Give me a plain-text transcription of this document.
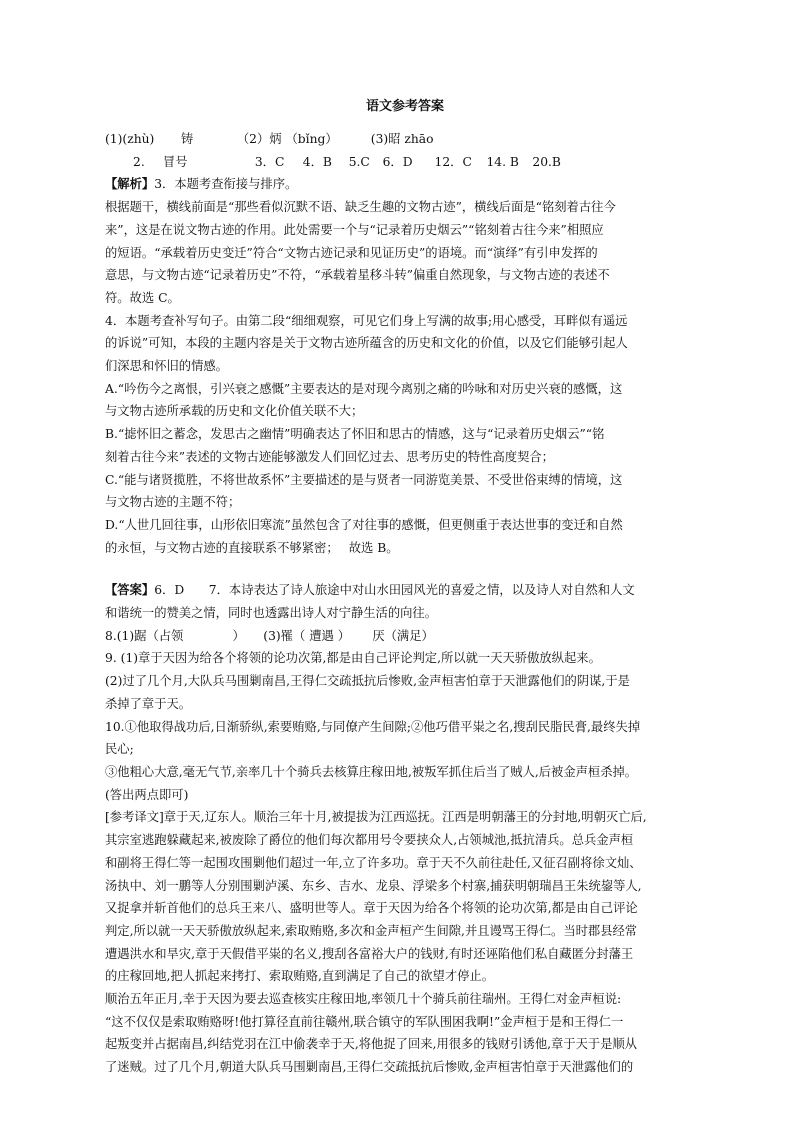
语文参考答案
(1)(zhù) 铸	（2）炳 （bǐng）	(3)昭 zhāo
2. 冒号	3．C 4．B 5.C 6．D 12．C 14. B 20.B
【解析】3．本题考查衔接与排序。
根据题干，横线前面是“那些看似沉默不语、缺乏生趣的文物古迹”，横线后面是“铭刻着古往今
来”，这是在说文物古迹的作用。此处需要一个与“记录着历史烟云”“铭刻着古往今来”相照应
的短语。“承载着历史变迁”符合“文物古迹记录和见证历史”的语境。而“演绎”有引申发挥的
意思，与文物古迹“记录着历史”不符，“承载着星移斗转”偏重自然现象，与文物古迹的表述不
符。故选 C。
4．本题考查补写句子。由第二段“细细观察，可见它们身上写满的故事;用心感受，耳畔似有遥远
的诉说”可知，本段的主题内容是关于文物古迹所蕴含的历史和文化的价值，以及它们能够引起人
们深思和怀旧的情感。
A.“吟伤今之离恨，引兴衰之感慨”主要表达的是对现今离别之痛的吟咏和对历史兴衰的感慨，这
与文物古迹所承载的历史和文化价值关联不大；
B.“摅怀旧之蓄念，发思古之幽情”明确表达了怀旧和思古的情感，这与“记录着历史烟云”“铭
刻着古往今来”表述的文物古迹能够激发人们回忆过去、思考历史的特性高度契合；
C.“能与诸贤揽胜，不将世故系怀”主要描述的是与贤者一同游览美景、不受世俗束缚的情境，这
与文物古迹的主题不符；
D.“人世几回往事，山形依旧寒流”虽然包含了对往事的感慨，但更侧重于表达世事的变迁和自然
的永恒，与文物古迹的直接联系不够紧密；　 故选 B。
【答案】6．D　　7．本诗表达了诗人旅途中对山水田园风光的喜爱之情，以及诗人对自然和人文
和谐统一的赞美之情，同时也透露出诗人对宁静生活的向往。
8.(1)踞（占领　　　　）　　(3)罹（ 遭遇 ）　　 厌（满足）
9. (1)章于天因为给各个将领的论功次第,都是由自己评论判定,所以就一天天骄傲放纵起来。
(2)过了几个月,大队兵马围剿南昌,王得仁交疏抵抗后惨败,金声桓害怕章于天泄露他们的阴谋,于是
杀掉了章于天。
10.①他取得战功后,日渐骄纵,索要贿赂,与同僚产生间隙;②他巧借平粜之名,搜刮民脂民膏,最终失掉
民心;
③他粗心大意,毫无气节,亲率几十个骑兵去核算庄稼田地,被叛军抓住后当了贼人,后被金声桓杀掉。
(答出两点即可)
[参考译文]章于天,辽东人。顺治三年十月,被提拔为江西巡抚。江西是明朝藩王的分封地,明朝灭亡后,
其宗室逃跑躲藏起来,被废除了爵位的他们每次都用号令要挟众人,占领城池,抵抗清兵。总兵金声桓
和副将王得仁等一起围攻围剿他们超过一年,立了许多功。章于天不久前往赴任,又征召副将徐文灿、
汤执中、刘一鹏等人分别围剿泸溪、东乡、吉水、龙泉、浮梁多个村寨,捕获明朝瑞昌王朱统鋆等人,
又捉拿并斩首他们的总兵王来八、盛明世等人。章于天因为给各个将领的论功次第,都是由自己评论
判定,所以就一天天骄傲放纵起来,索取贿赂,多次和金声桓产生间隙,并且谩骂王得仁。当时郡县经常
遭遇洪水和旱灾,章于天假借平粜的名义,搜刮各富裕大户的钱财,有时还诬陷他们私自藏匿分封藩王
的庄稼回地,把人抓起来拷打、索取贿赂,直到满足了自己的欲望才停止。
顺治五年正月,幸于天因为要去巡查核实庄稼田地,率领几十个骑兵前往瑞州。王得仁对金声桓说:
“这不仅仅是索取贿赂呀!他打算径直前往赣州,联合镇守的军队围困我啊!”金声桓于是和王得仁一
起叛变并占据南昌,纠结党羽在江中偷袭幸于天,将他捉了回来,用很多的钱财引诱他,章于天于是顺从
了迷贼。过了几个月,朝道大队兵马围剿南昌,王得仁交疏抵抗后惨败,金声桓害怕章于天泄露他们的
